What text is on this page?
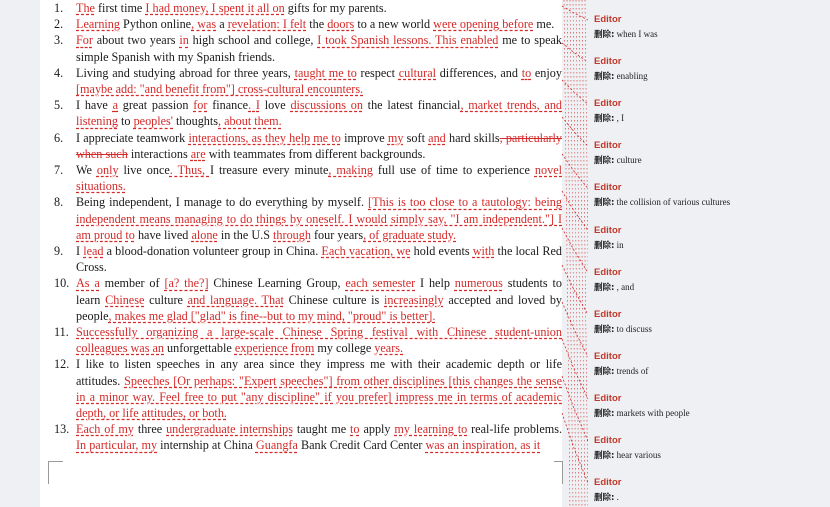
1. The first time I had money, I spent it all on gifts for my parents.
2. Learning Python online, was a revelation: I felt the doors to a new world were opening before me.
3. For about two years in high school and college, I took Spanish lessons. This enabled me to speak simple Spanish with my Spanish friends.
4. Living and studying abroad for three years, taught me to respect cultural differences, and to enjoy [maybe add: "and benefit from"] cross-cultural encounters.
5. I have a great passion for finance. I love discussions on the latest financial, market trends, and listening to peoples' thoughts, about them.
6. I appreciate teamwork interactions, as they help me to improve my soft and hard skills, particularly when such interactions are with teammates from different backgrounds.
7. We only live once. Thus, I treasure every minute, making full use of time to experience novel situations.
8. Being independent, I manage to do everything by myself. [This is too close to a tautology: being independent means managing to do things by oneself. I would simply say, "I am independent."] I am proud to have lived alone in the U.S through four years, of graduate study.
9. I lead a blood-donation volunteer group in China. Each vacation, we hold events with the local Red Cross.
10. As a member of [a? the?] Chinese Learning Group, each semester I help numerous students to learn Chinese culture and language. That Chinese culture is increasingly accepted and loved by people, makes me glad ["glad" is fine--but to my mind, "proud" is better].
11. Successfully organizing a large-scale Chinese Spring festival with Chinese student-union colleagues was an unforgettable experience from my college years.
12. I like to listen speeches in any area since they impress me with their academic depth or life attitudes. Speeches [Or perhaps: "Expert speeches"] from other disciplines [this changes the sense in a minor way. Feel free to put "any discipline" if you prefer] impress me in terms of academic depth, or life attitudes, or both.
13. Each of my three undergraduate internships taught me to apply my learning to real-life problems. In particular, my internship at China Guangfa Bank Credit Card Center was an inspiration, as it
Editor
删除: when I was
Editor
删除: enabling
Editor
删除: , I
Editor
删除: culture
Editor
删除: the collision of various cultures
Editor
删除: in
Editor
删除: , and
Editor
删除: to discuss
Editor
删除: trends of
Editor
删除: markets with people
Editor
删除: hear various
Editor
删除: .
